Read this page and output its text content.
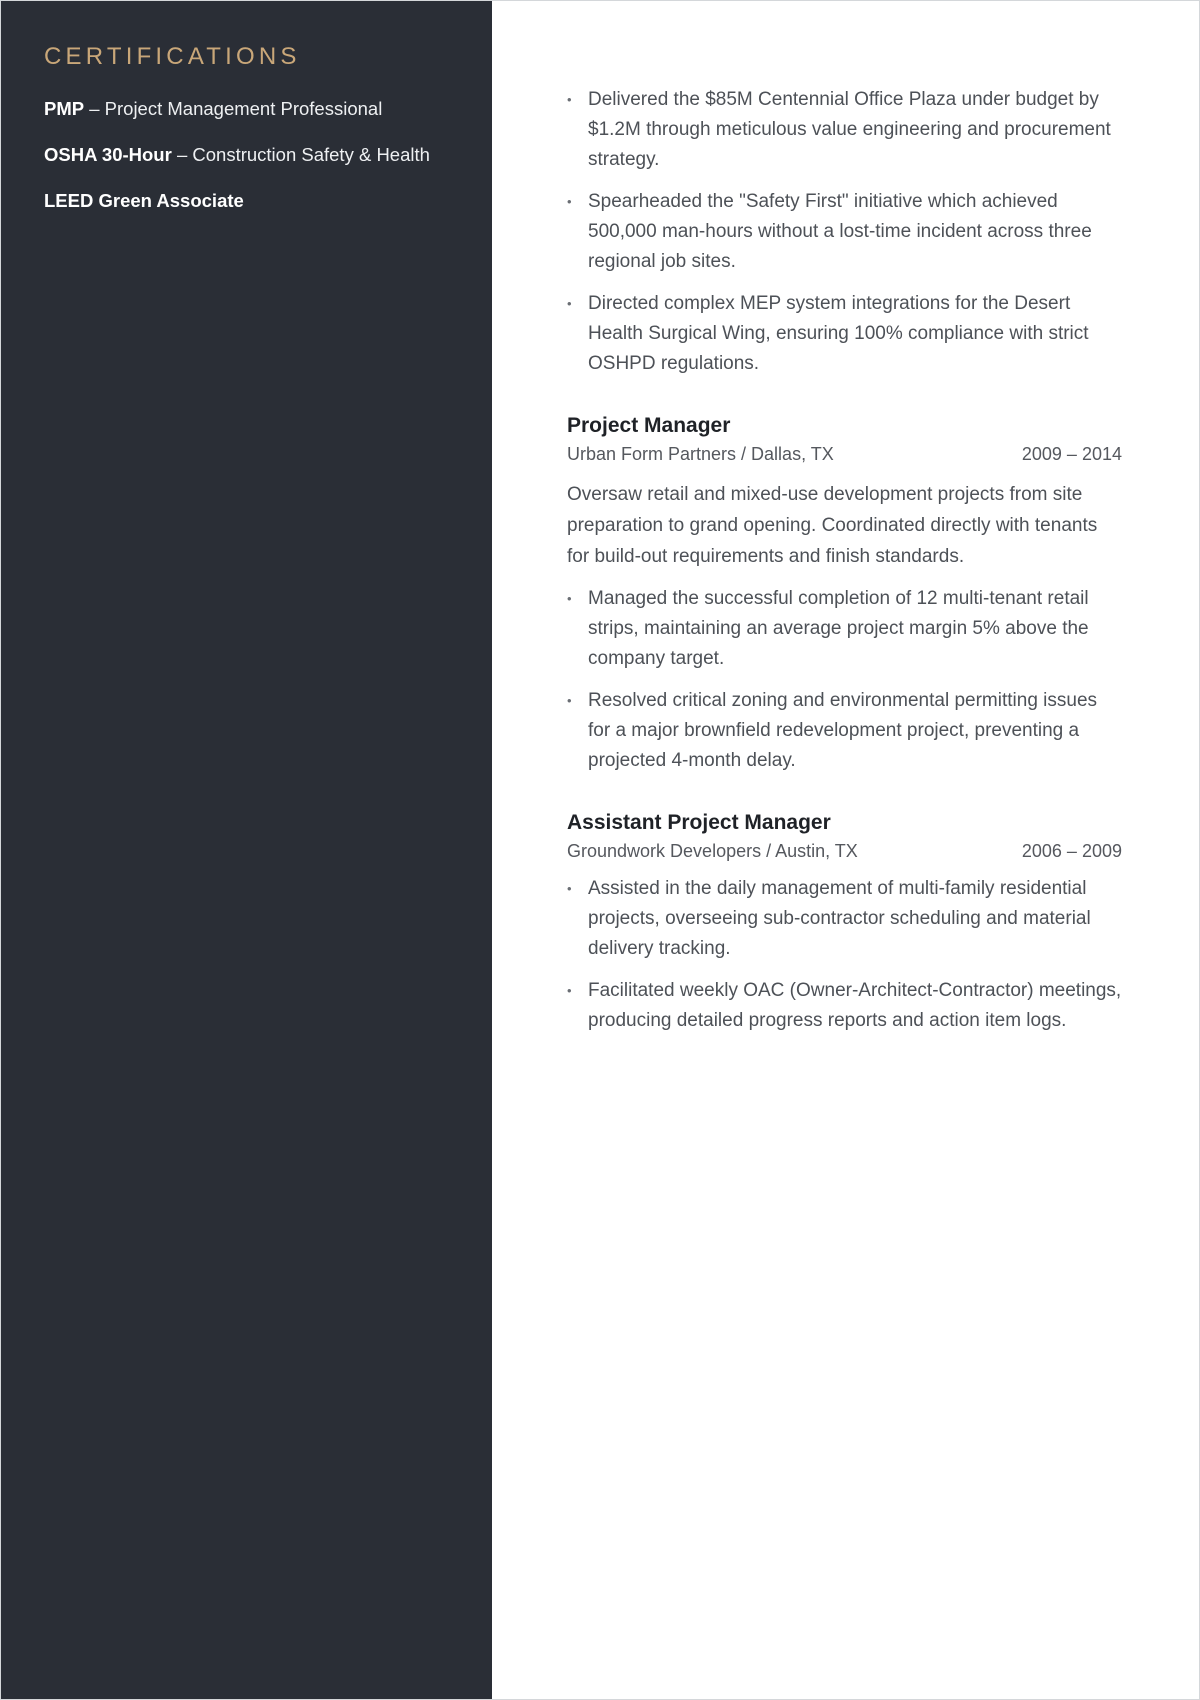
CERTIFICATIONS
PMP – Project Management Professional
OSHA 30-Hour – Construction Safety & Health
LEED Green Associate
• Delivered the $85M Centennial Office Plaza under budget by $1.2M through meticulous value engineering and procurement strategy.
• Spearheaded the "Safety First" initiative which achieved 500,000 man-hours without a lost-time incident across three regional job sites.
• Directed complex MEP system integrations for the Desert Health Surgical Wing, ensuring 100% compliance with strict OSHPD regulations.
Project Manager
Urban Form Partners / Dallas, TX	2009 – 2014

Oversaw retail and mixed-use development projects from site preparation to grand opening. Coordinated directly with tenants for build-out requirements and finish standards.

• Managed the successful completion of 12 multi-tenant retail strips, maintaining an average project margin 5% above the company target.
• Resolved critical zoning and environmental permitting issues for a major brownfield redevelopment project, preventing a projected 4-month delay.
Assistant Project Manager
Groundwork Developers / Austin, TX	2006 – 2009
• Assisted in the daily management of multi-family residential projects, overseeing sub-contractor scheduling and material delivery tracking.
• Facilitated weekly OAC (Owner-Architect-Contractor) meetings, producing detailed progress reports and action item logs.
